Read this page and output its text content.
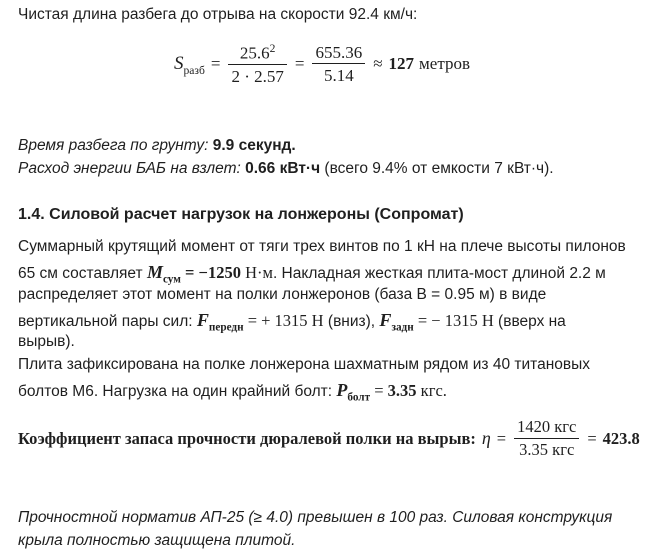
Чистая длина разбега до отрыва на скорости 92.4 км/ч:
$S_{разб} = \frac{25.6^2}{2 \cdot 2.57} = \frac{655.36}{5.14} \approx 127$ метров
Время разбега по грунту: 9.9 секунд.
Расход энергии БАБ на взлет: 0.66 кВт·ч (всего 9.4% от емкости 7 кВт·ч).
1.4. Силовой расчет нагрузок на лонжероны (Сопромат)
Суммарный крутящий момент от тяги трех винтов по 1 кН на плече высоты пилонов
65 см составляет $M_{сум} = -1250$ Н·м. Накладная жесткая плита-мост длиной 2.2 м
распределяет этот момент на полки лонжеронов (база B = 0.95 м) в виде
вертикальной пары сил: $F_{передн}$ = + 1315 Н (вниз), $F_{задн}$ = − 1315 Н (вверх на
вырыв).
Плита зафиксирована на полке лонжерона шахматным рядом из 40 титановых
болтов М6. Нагрузка на один крайний болт: $P_{болт} = 3.35$ кгс.
Коэффициент запаса прочности дюралевой полки на вырыв: $\eta = \frac{\text{1420 кгс}}{\text{3.35 кгс}} = 423.8$
Прочностной норматив АП-25 (≥ 4.0) превышен в 100 раз. Силовая конструкция
крыла полностью защищена плитой.
